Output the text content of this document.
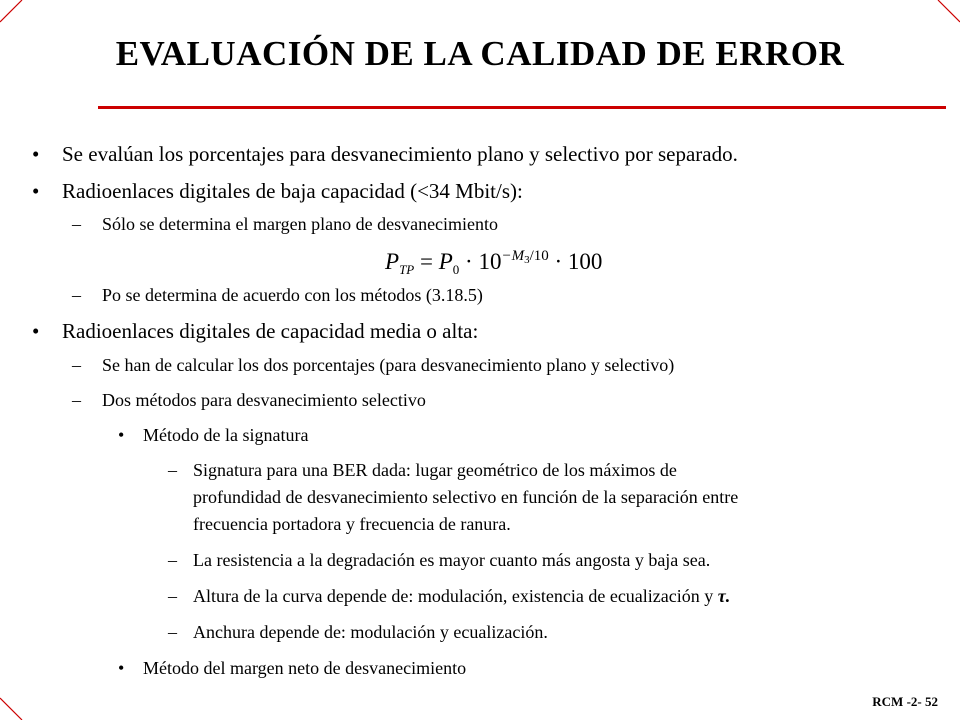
EVALUACIÓN DE LA CALIDAD DE ERROR
• Se evalúan los porcentajes para desvanecimiento plano y selectivo por separado.
• Radioenlaces digitales de baja capacidad (<34 Mbit/s):
– Sólo se determina el margen plano de desvanecimiento
$P_{TP} = P_0 \cdot 10^{-M_3/10} \cdot 100$
– Po se determina de acuerdo con los métodos (3.18.5)
• Radioenlaces digitales de capacidad media o alta:
– Se han de calcular los dos porcentajes (para desvanecimiento plano y selectivo)
– Dos métodos para desvanecimiento selectivo
• Método de la signatura
– Signatura para una BER dada: lugar geométrico de los máximos de
profundidad de desvanecimiento selectivo en función de la separación entre
frecuencia portadora y frecuencia de ranura.
– La resistencia a la degradación es mayor cuanto más angosta y baja sea.
– Altura de la curva depende de: modulación, existencia de ecualización y τ.
– Anchura depende de: modulación y ecualización.
• Método del margen neto de desvanecimiento
RCM -2- 52
